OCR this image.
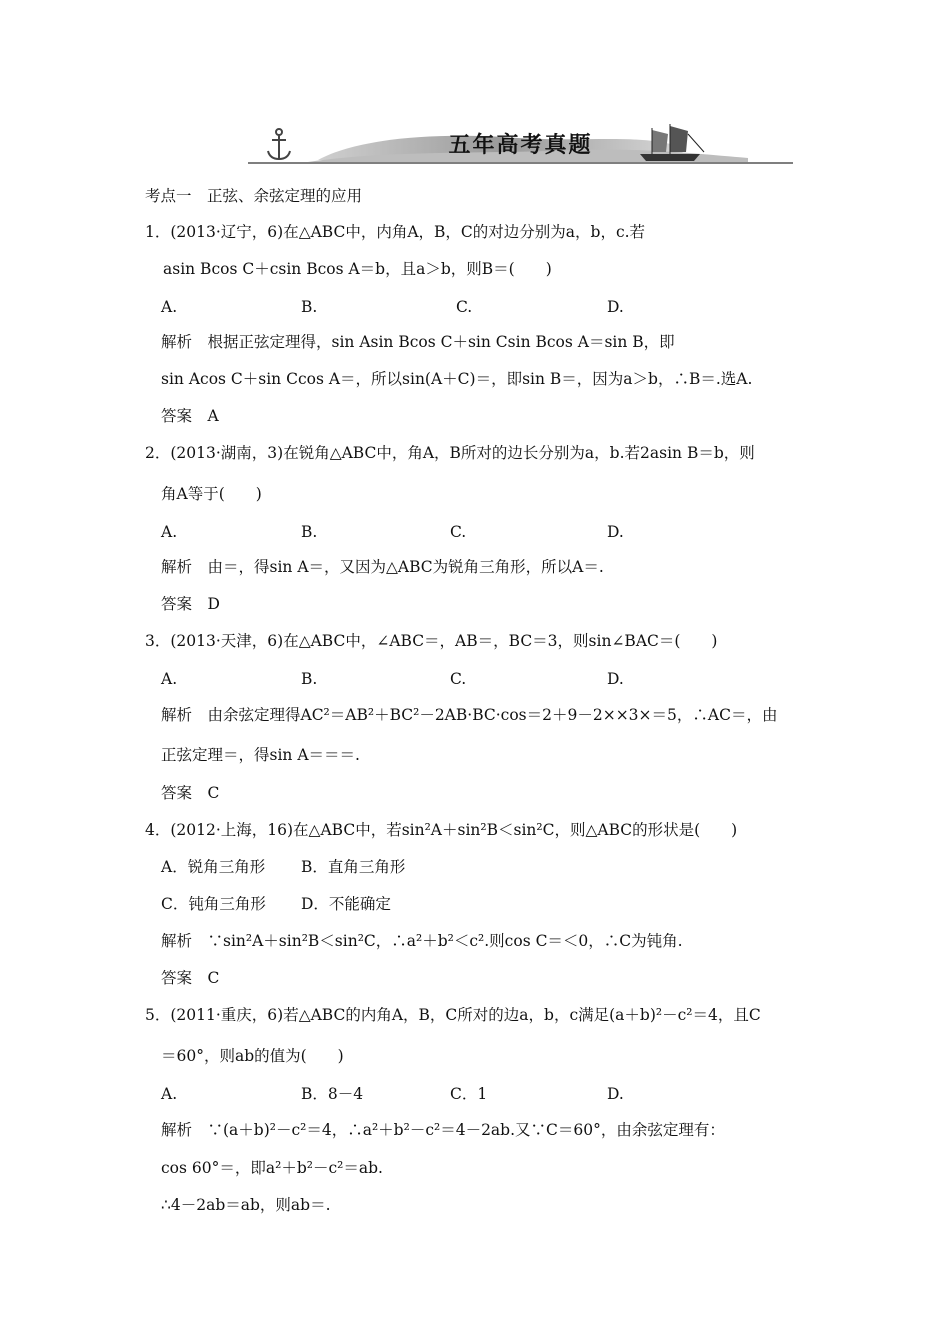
五年高考真题
考点一　正弦、余弦定理的应用
1．(2013·辽宁，6)在△ABC中，内角A，B，C的对边分别为a，b，c.若
asin Bcos C＋csin Bcos A＝b，且a＞b，则B＝(　　)
A.	B.	C.	D.
解析　根据正弦定理得，sin Asin Bcos C＋sin Csin Bcos A＝sin B，即
sin Acos C＋sin Ccos A＝，所以sin(A＋C)＝，即sin B＝，因为a＞b，∴B＝.选A.
答案　A
2．(2013·湖南，3)在锐角△ABC中，角A，B所对的边长分别为a，b.若2asin B＝b，则
角A等于(　　)
A.	B.	C.	D.
解析　由＝，得sin A＝，又因为△ABC为锐角三角形，所以A＝.
答案　D
3．(2013·天津，6)在△ABC中，∠ABC＝，AB＝，BC＝3，则sin∠BAC＝(　　)
A.	B.	C.	D.
解析　由余弦定理得AC²＝AB²＋BC²－2AB·BC·cos＝2＋9－2××3×＝5，∴AC＝，由
正弦定理＝，得sin A＝＝＝.
答案　C
4．(2012·上海，16)在△ABC中，若sin²A＋sin²B＜sin²C，则△ABC的形状是(　　)
A．锐角三角形 B．直角三角形
C．钝角三角形 D．不能确定
解析　∵sin²A＋sin²B＜sin²C，∴a²＋b²＜c².则cos C＝＜0，∴C为钝角.
答案　C
5．(2011·重庆，6)若△ABC的内角A，B，C所对的边a，b，c满足(a＋b)²－c²＝4，且C
＝60°，则ab的值为(　　)
A.	B．8－4	C．1	D.
解析　∵(a＋b)²－c²＝4，∴a²＋b²－c²＝4－2ab.又∵C＝60°，由余弦定理有：
cos 60°＝，即a²＋b²－c²＝ab.
∴4－2ab＝ab，则ab＝.
